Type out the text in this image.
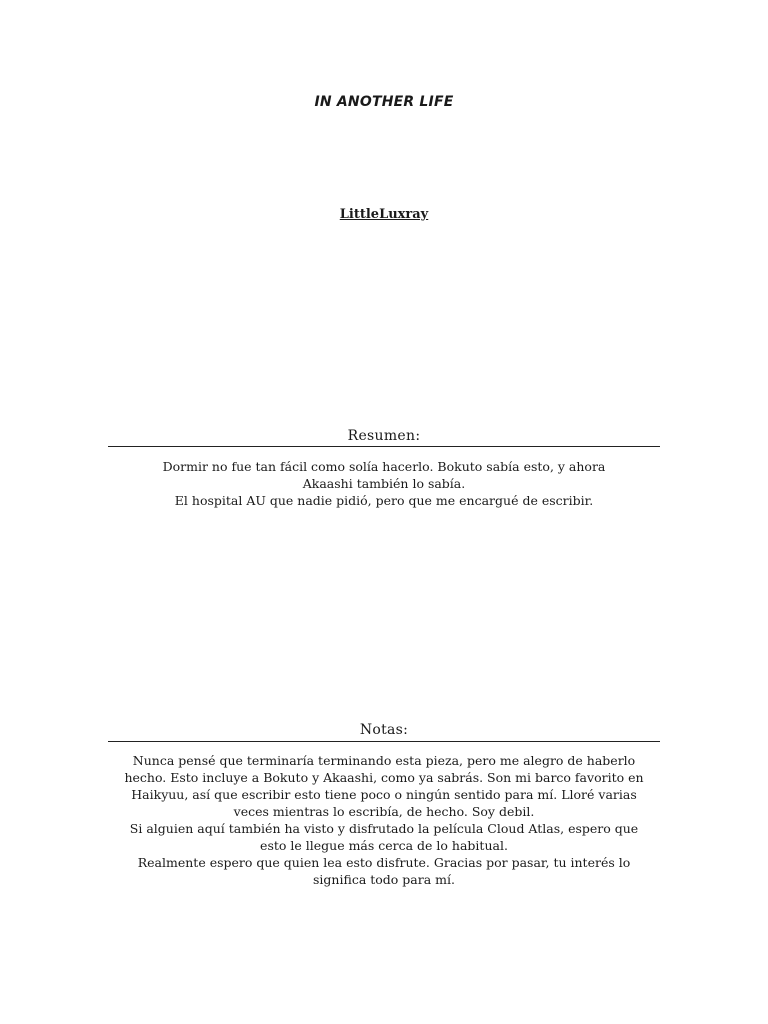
IN ANOTHER LIFE
LittleLuxray
Resumen:

Dormir no fue tan fácil como solía hacerlo. Bokuto sabía esto, y ahora Akaashi también lo sabía.

El hospital AU que nadie pidió, pero que me encargué de escribir.

Notas:

Nunca pensé que terminaría terminando esta pieza, pero me alegro de haberlo hecho. Esto incluye a Bokuto y Akaashi, como ya sabrás. Son mi barco favorito en Haikyuu, así que escribir esto tiene poco o ningún sentido para mí. Lloré varias veces mientras lo escribía, de hecho. Soy debil.

Si alguien aquí también ha visto y disfrutado la película Cloud Atlas, espero que esto le llegue más cerca de lo habitual.

Realmente espero que quien lea esto disfrute. Gracias por pasar, tu interés lo significa todo para mí.
